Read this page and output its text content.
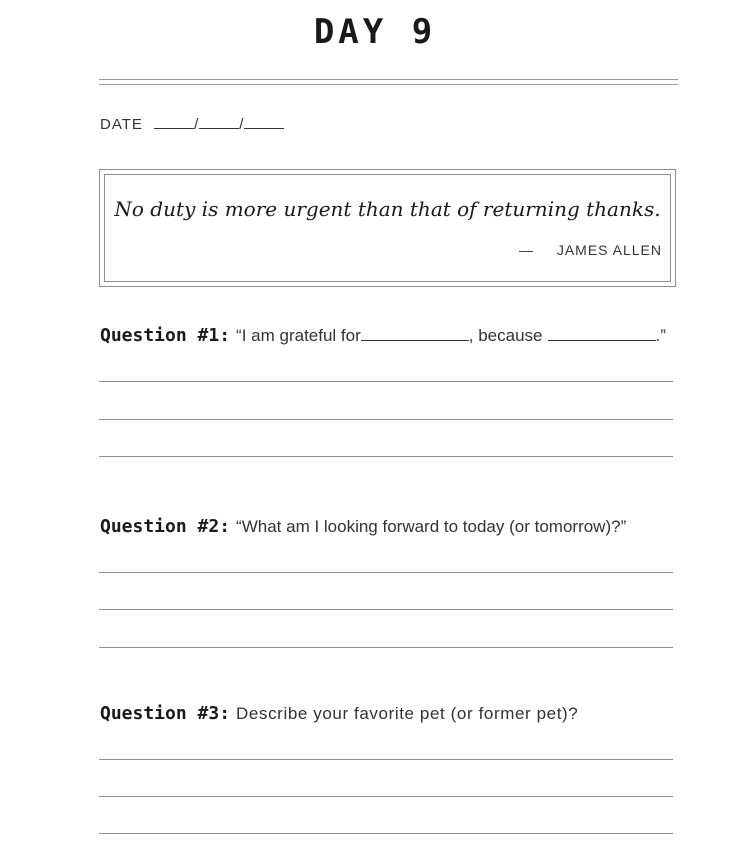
DAY 9
DATE	/	/
No duty is more urgent than that of returning thanks.
— JAMES ALLEN
Question #1: “I am grateful for	, because	.”
Question #2: “What am I looking forward to today (or tomorrow)?”
Question #3: Describe your favorite pet (or former pet)?
